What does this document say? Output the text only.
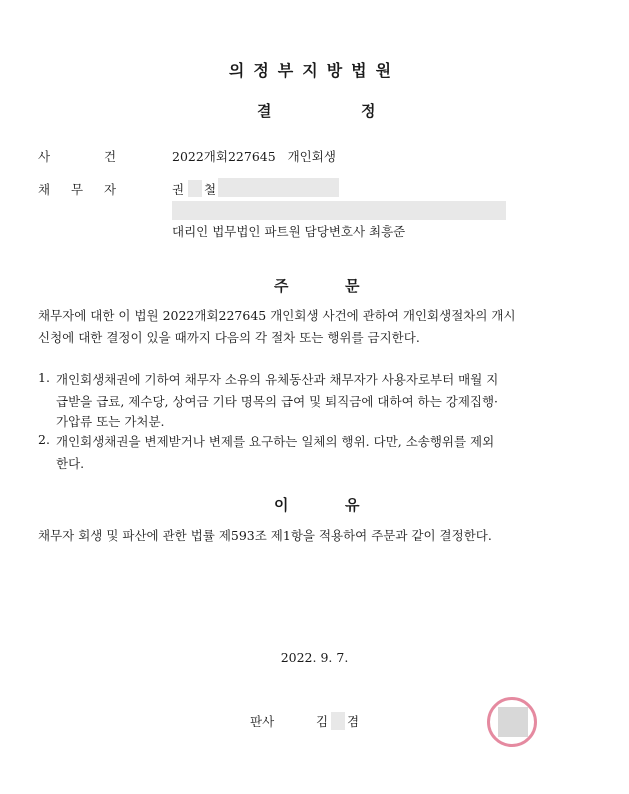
의정부지방법원
결	정
사	건	2022개회227645   개인회생
채 무 자	권 철
대리인 법무법인 파트원 담당변호사 최흥준
주	문
채무자에 대한 이 법원 2022개회227645 개인회생 사건에 관하여 개인회생절차의 개시
신청에 대한 결정이 있을 때까지 다음의 각 절차 또는 행위를 금지한다.
1. 개인회생채권에 기하여 채무자 소유의 유체동산과 채무자가 사용자로부터 매월 지
급받을 급료, 제수당, 상여금 기타 명목의 급여 및 퇴직금에 대하여 하는 강제집행·
가압류 또는 가처분.
2. 개인회생채권을 변제받거나 변제를 요구하는 일체의 행위. 다만, 소송행위를 제외
한다.
이	유
채무자 회생 및 파산에 관한 법률 제593조 제1항을 적용하여 주문과 같이 결정한다.
2022. 9. 7.
판사	김 겸
